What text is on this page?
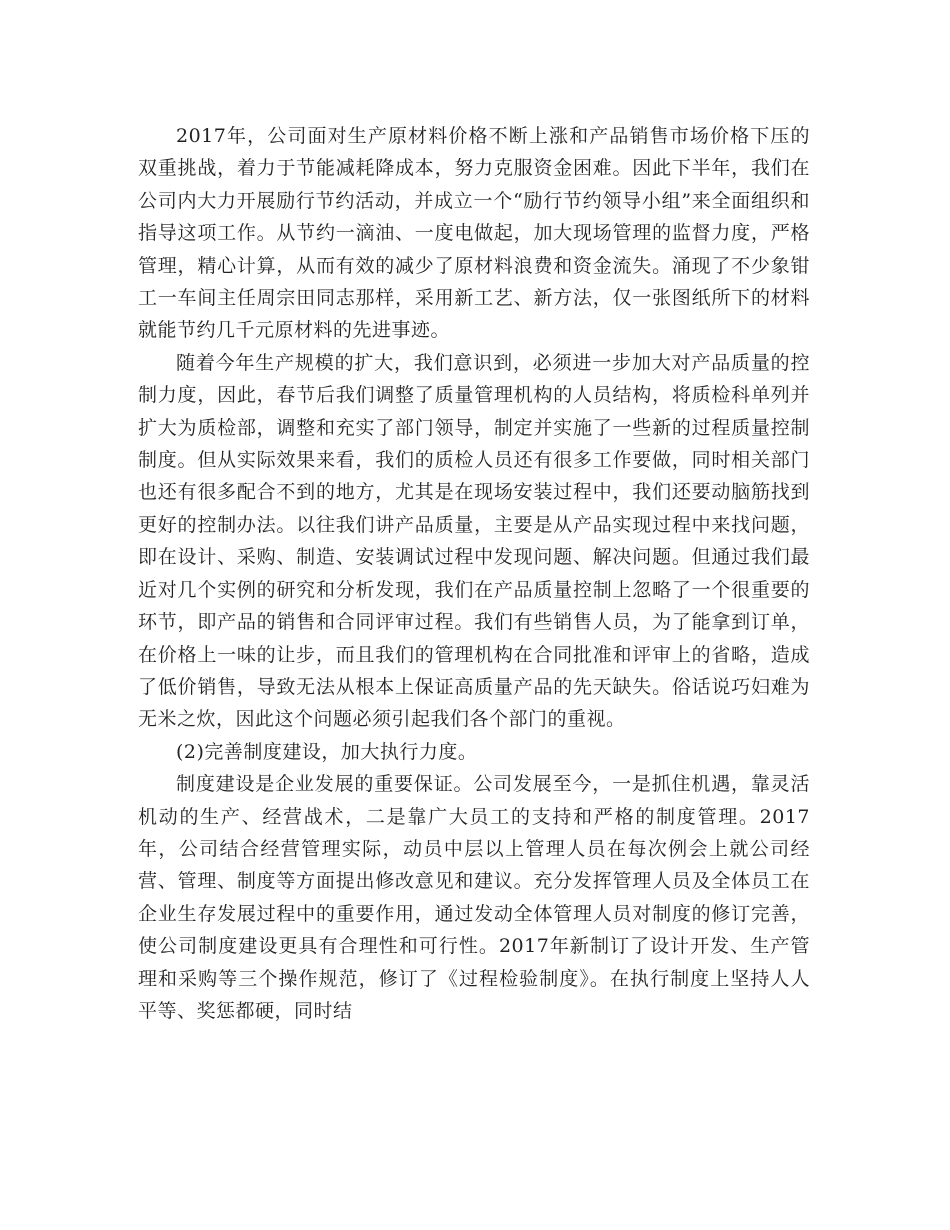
2017年，公司面对生产原材料价格不断上涨和产品销售市场价格下压的双重挑战，着力于节能减耗降成本，努力克服资金困难。因此下半年，我们在公司内大力开展励行节约活动，并成立一个“励行节约领导小组”来全面组织和指导这项工作。从节约一滴油、一度电做起，加大现场管理的监督力度，严格管理，精心计算，从而有效的减少了原材料浪费和资金流失。涌现了不少象钳工一车间主任周宗田同志那样，采用新工艺、新方法，仅一张图纸所下的材料就能节约几千元原材料的先进事迹。

随着今年生产规模的扩大，我们意识到，必须进一步加大对产品质量的控制力度，因此，春节后我们调整了质量管理机构的人员结构，将质检科单列并扩大为质检部，调整和充实了部门领导，制定并实施了一些新的过程质量控制制度。但从实际效果来看，我们的质检人员还有很多工作要做，同时相关部门也还有很多配合不到的地方，尤其是在现场安装过程中，我们还要动脑筋找到更好的控制办法。以往我们讲产品质量，主要是从产品实现过程中来找问题，即在设计、采购、制造、安装调试过程中发现问题、解决问题。但通过我们最近对几个实例的研究和分析发现，我们在产品质量控制上忽略了一个很重要的环节，即产品的销售和合同评审过程。我们有些销售人员，为了能拿到订单，在价格上一味的让步，而且我们的管理机构在合同批准和评审上的省略，造成了低价销售，导致无法从根本上保证高质量产品的先天缺失。俗话说巧妇难为无米之炊，因此这个问题必须引起我们各个部门的重视。

(2)完善制度建设，加大执行力度。

制度建设是企业发展的重要保证。公司发展至今，一是抓住机遇，靠灵活机动的生产、经营战术，二是靠广大员工的支持和严格的制度管理。2017年，公司结合经营管理实际，动员中层以上管理人员在每次例会上就公司经营、管理、制度等方面提出修改意见和建议。充分发挥管理人员及全体员工在企业生存发展过程中的重要作用，通过发动全体管理人员对制度的修订完善，使公司制度建设更具有合理性和可行性。2017年新制订了设计开发、生产管理和采购等三个操作规范，修订了《过程检验制度》。在执行制度上坚持人人平等、奖惩都硬，同时结
